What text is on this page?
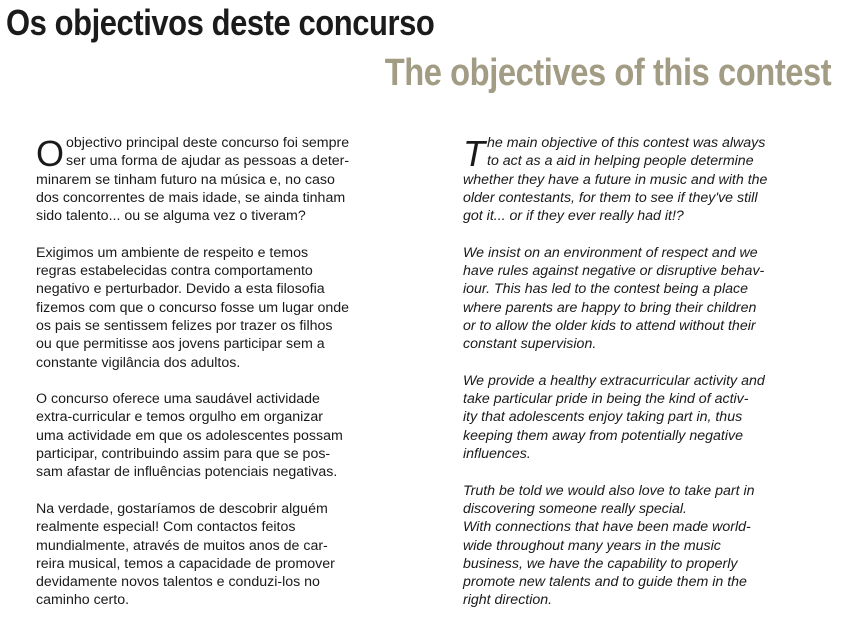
Os objectivos deste concurso
The objectives of this contest

Oobjectivo principal deste concurso foi sempre
ser uma forma de ajudar as pessoas a deter-
minarem se tinham futuro na música e, no caso
dos concorrentes de mais idade, se ainda tinham
sido talento... ou se alguma vez o tiveram?

Exigimos um ambiente de respeito e temos
regras estabelecidas contra comportamento
negativo e perturbador. Devido a esta filosofia
fizemos com que o concurso fosse um lugar onde
os pais se sentissem felizes por trazer os filhos
ou que permitisse aos jovens participar sem a
constante vigilância dos adultos.

O concurso oferece uma saudável actividade
extra-curricular e temos orgulho em organizar
uma actividade em que os adolescentes possam
participar, contribuindo assim para que se pos-
sam afastar de influências potenciais negativas.

Na verdade, gostaríamos de descobrir alguém
realmente especial! Com contactos feitos
mundialmente, através de muitos anos de car-
reira musical, temos a capacidade de promover
devidamente novos talentos e conduzi-los no
caminho certo.

The main objective of this contest was always
to act as a aid in helping people determine
whether they have a future in music and with the
older contestants, for them to see if they've still
got it... or if they ever really had it!?

We insist on an environment of respect and we
have rules against negative or disruptive behav-
iour. This has led to the contest being a place
where parents are happy to bring their children
or to allow the older kids to attend without their
constant supervision.

We provide a healthy extracurricular activity and
take particular pride in being the kind of activ-
ity that adolescents enjoy taking part in, thus
keeping them away from potentially negative
influences.

Truth be told we would also love to take part in
discovering someone really special.
With connections that have been made world-
wide throughout many years in the music
business, we have the capability to properly
promote new talents and to guide them in the
right direction.
